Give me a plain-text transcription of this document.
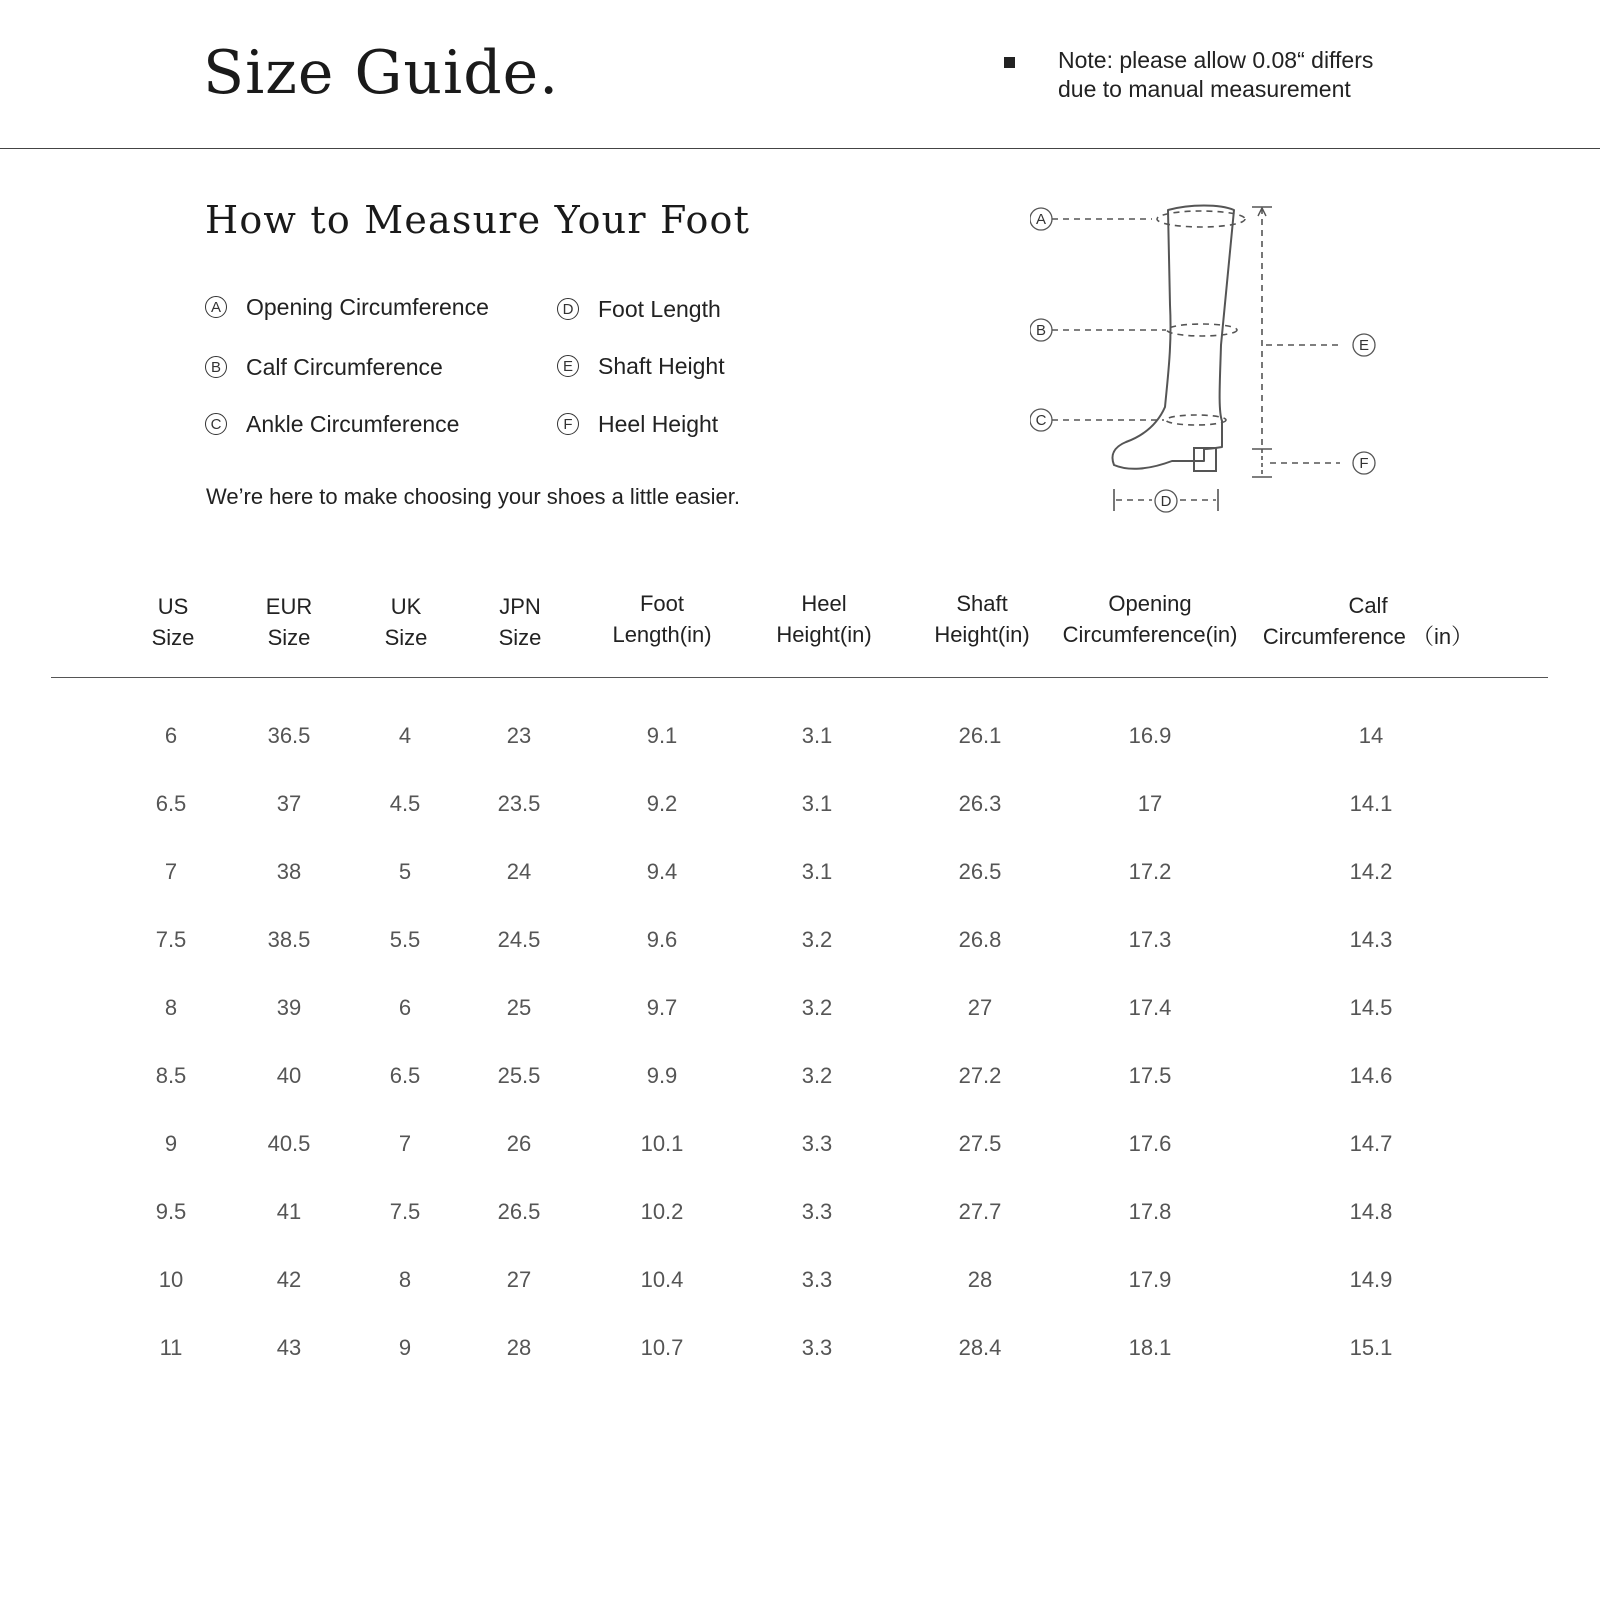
Size Guide.	Note: please allow 0.08“ differs
due to manual measurement
How to Measure Your Foot
A Opening Circumference
B Calf Circumference
C Ankle Circumference
D Foot Length
E Shaft Height
F Heel Height
We’re here to make choosing your shoes a little easier.
A
B
C
E
F
D
US
Size
EUR
Size
UK
Size
JPN
Size
Foot
Length(in)
Heel
Height(in)
Shaft
Height(in)
Opening
Circumference(in)
Calf
Circumference （in）
6	36.5	4	23	9.1	3.1	26.1	16.9	14
6.5	37	4.5	23.5	9.2	3.1	26.3	17	14.1
7	38	5	24	9.4	3.1	26.5	17.2	14.2
7.5	38.5	5.5	24.5	9.6	3.2	26.8	17.3	14.3
8	39	6	25	9.7	3.2	27	17.4	14.5
8.5	40	6.5	25.5	9.9	3.2	27.2	17.5	14.6
9	40.5	7	26	10.1	3.3	27.5	17.6	14.7
9.5	41	7.5	26.5	10.2	3.3	27.7	17.8	14.8
10	42	8	27	10.4	3.3	28	17.9	14.9
11	43	9	28	10.7	3.3	28.4	18.1	15.1
